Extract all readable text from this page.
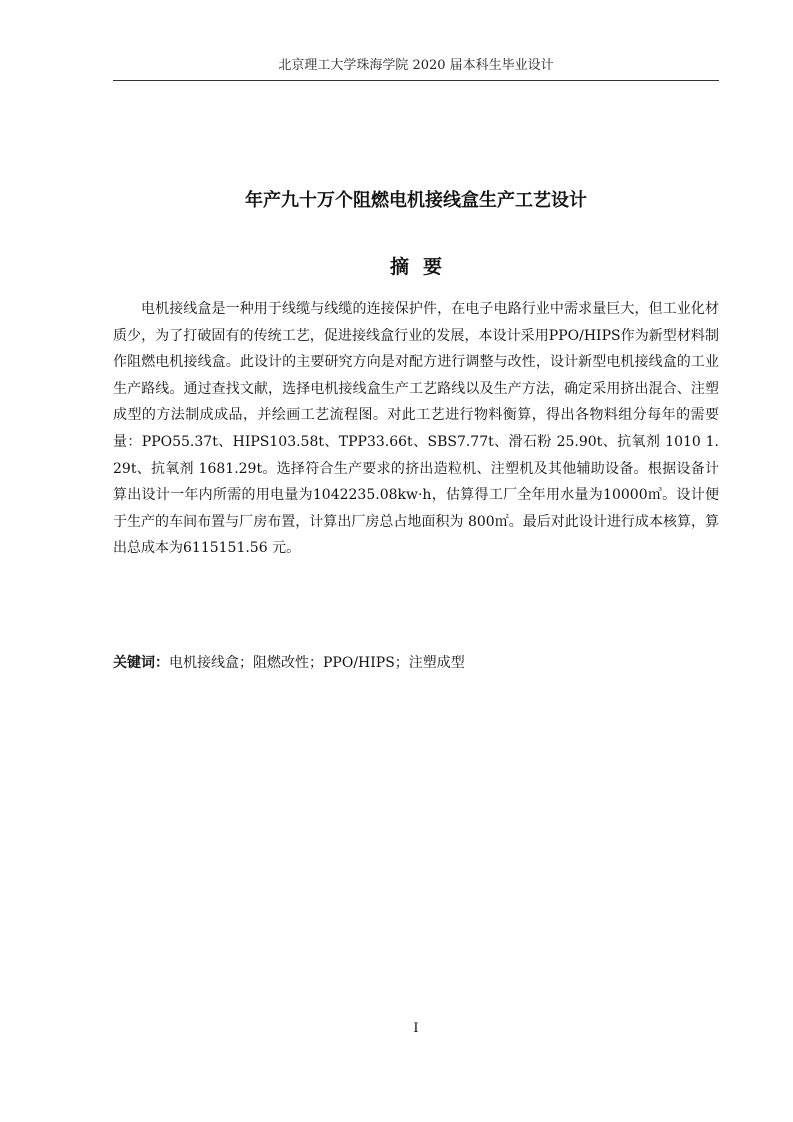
北京理工大学珠海学院 2020 届本科生毕业设计
年产九十万个阻燃电机接线盒生产工艺设计
摘要

电机接线盒是一种用于线缆与线缆的连接保护件，在电子电路行业中需求量巨大，但工业化材质少，为了打破固有的传统工艺，促进接线盒行业的发展，本设计采用PPO/HIPS作为新型材料制作阻燃电机接线盒。此设计的主要研究方向是对配方进行调整与改性，设计新型电机接线盒的工业生产路线。通过查找文献，选择电机接线盒生产工艺路线以及生产方法，确定采用挤出混合、注塑成型的方法制成成品，并绘画工艺流程图。对此工艺进行物料衡算，得出各物料组分每年的需要量：PPO55.37t、HIPS103.58t、TPP33.66t、SBS7.77t、滑石粉 25.90t、抗氧剂 1010 1.29t、抗氧剂 1681.29t。选择符合生产要求的挤出造粒机、注塑机及其他辅助设备。根据设备计算出设计一年内所需的用电量为1042235.08kw·h，估算得工厂全年用水量为10000㎥。设计便于生产的车间布置与厂房布置，计算出厂房总占地面积为 800㎡。最后对此设计进行成本核算，算出总成本为6115151.56 元。

关键词：电机接线盒；阻燃改性；PPO/HIPS；注塑成型

I
